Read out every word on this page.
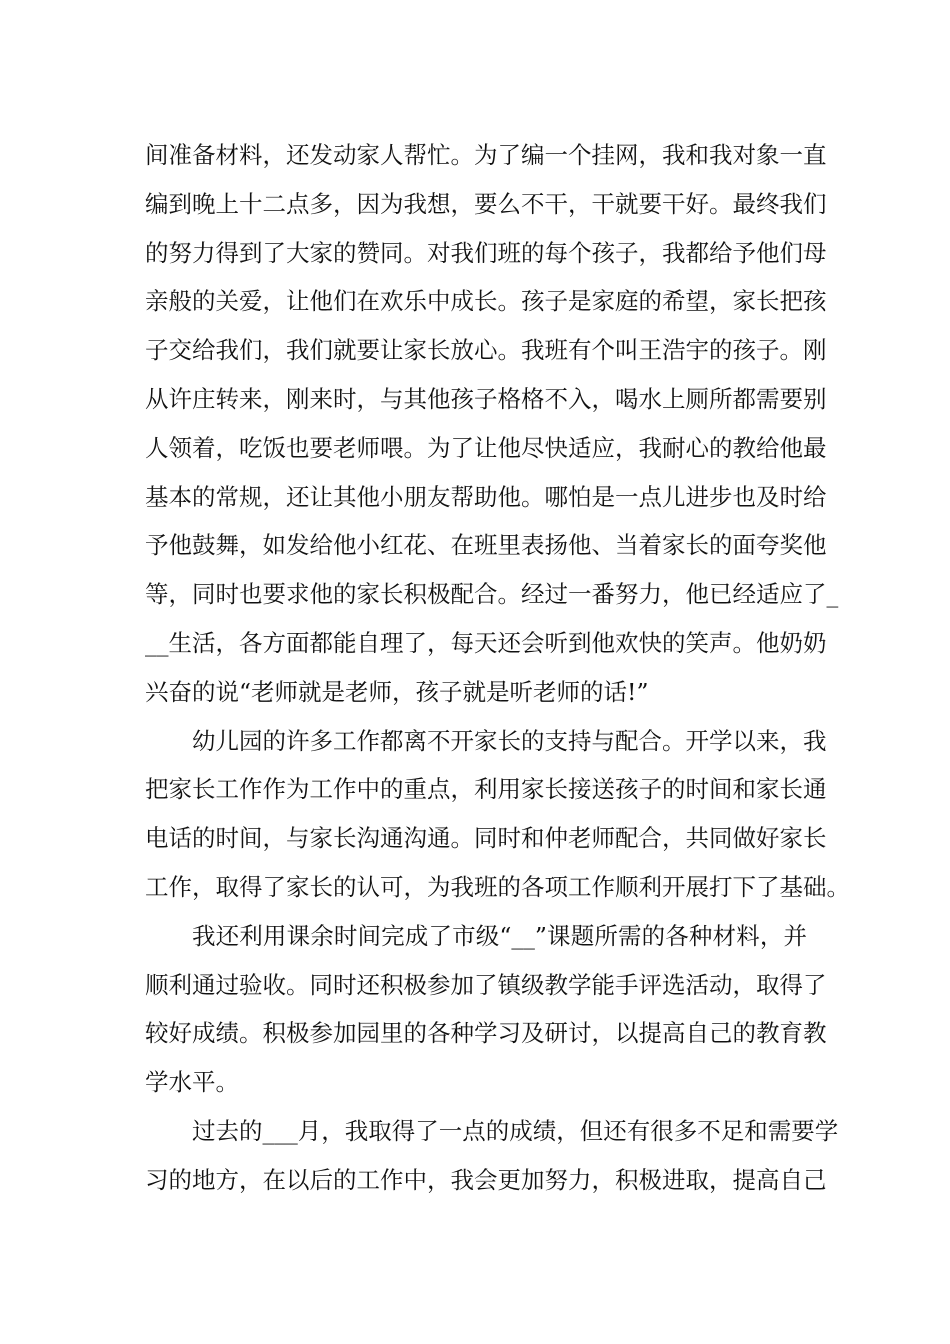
间准备材料，还发动家人帮忙。为了编一个挂网，我和我对象一直
编到晚上十二点多，因为我想，要么不干，干就要干好。最终我们
的努力得到了大家的赞同。对我们班的每个孩子，我都给予他们母
亲般的关爱，让他们在欢乐中成长。孩子是家庭的希望，家长把孩
子交给我们，我们就要让家长放心。我班有个叫王浩宇的孩子。刚
从许庄转来，刚来时，与其他孩子格格不入，喝水上厕所都需要别
人领着，吃饭也要老师喂。为了让他尽快适应，我耐心的教给他最
基本的常规，还让其他小朋友帮助他。哪怕是一点儿进步也及时给
予他鼓舞，如发给他小红花、在班里表扬他、当着家长的面夸奖他
等，同时也要求他的家长积极配合。经过一番努力，他已经适应了_
__生活，各方面都能自理了，每天还会听到他欢快的笑声。他奶奶
兴奋的说“老师就是老师，孩子就是听老师的话!”
幼儿园的许多工作都离不开家长的支持与配合。开学以来，我
把家长工作作为工作中的重点，利用家长接送孩子的时间和家长通
电话的时间，与家长沟通沟通。同时和仲老师配合，共同做好家长
工作，取得了家长的认可，为我班的各项工作顺利开展打下了基础。
我还利用课余时间完成了市级“__”课题所需的各种材料，并
顺利通过验收。同时还积极参加了镇级教学能手评选活动，取得了
较好成绩。积极参加园里的各种学习及研讨，以提高自己的教育教
学水平。
过去的___月，我取得了一点的成绩，但还有很多不足和需要学
习的地方，在以后的工作中，我会更加努力，积极进取，提高自己
